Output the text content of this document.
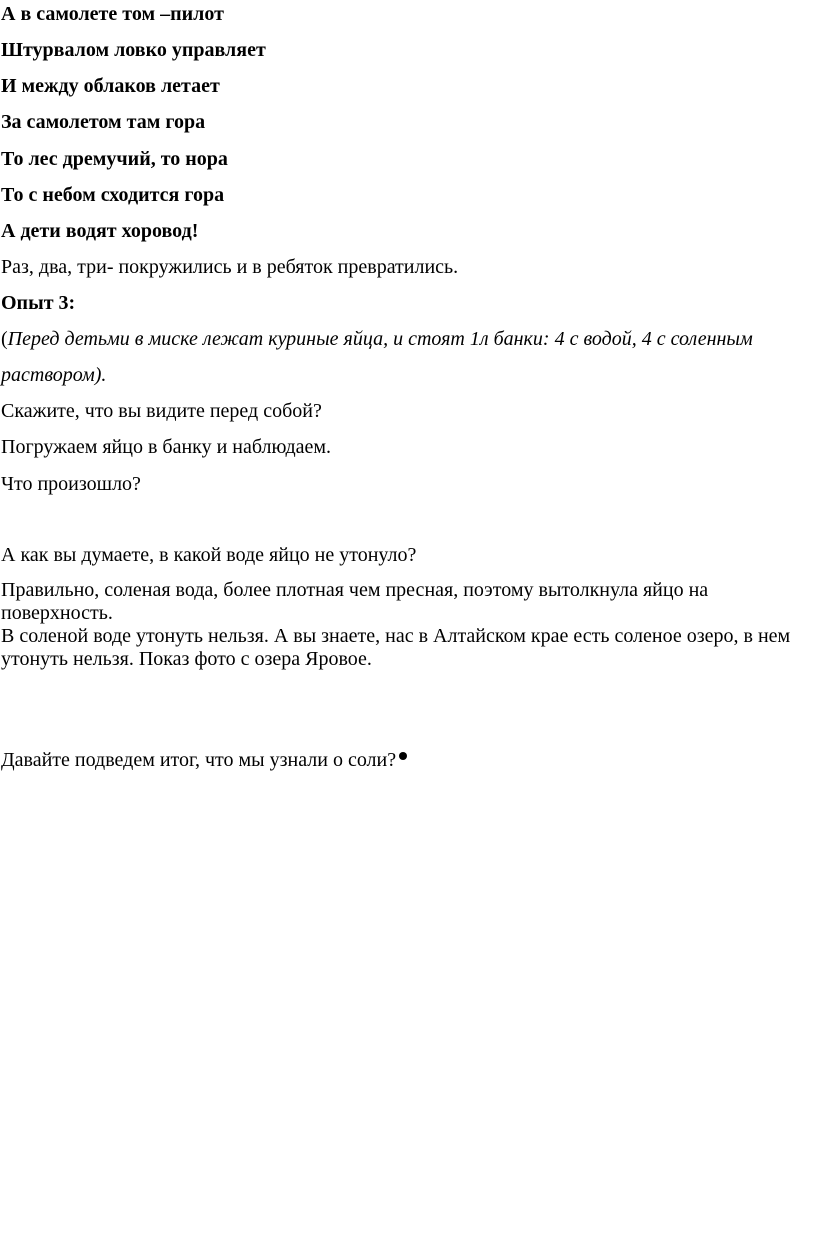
А в самолете том –пилот
Штурвалом ловко управляет
И между облаков летает
За самолетом там гора
То лес дремучий, то нора
То с небом сходится гора
А дети водят хоровод!
Раз, два, три- покружились и в ребяток превратились.
Опыт 3:
(Перед детьми в миске лежат куриные яйца, и стоят 1л банки: 4 с водой, 4 с соленным
раствором).
Скажите, что вы видите перед собой?
Погружаем яйцо в банку и наблюдаем.
Что произошло?
А как вы думаете, в какой воде яйцо не утонуло?
Правильно, соленая вода, более плотная чем пресная, поэтому вытолкнула яйцо на поверхность.
В соленой воде утонуть нельзя. А вы знаете, нас в Алтайском крае есть соленое озеро, в нем утонуть нельзя. Показ фото с озера Яровое.
Давайте подведем итог, что мы узнали о соли?
